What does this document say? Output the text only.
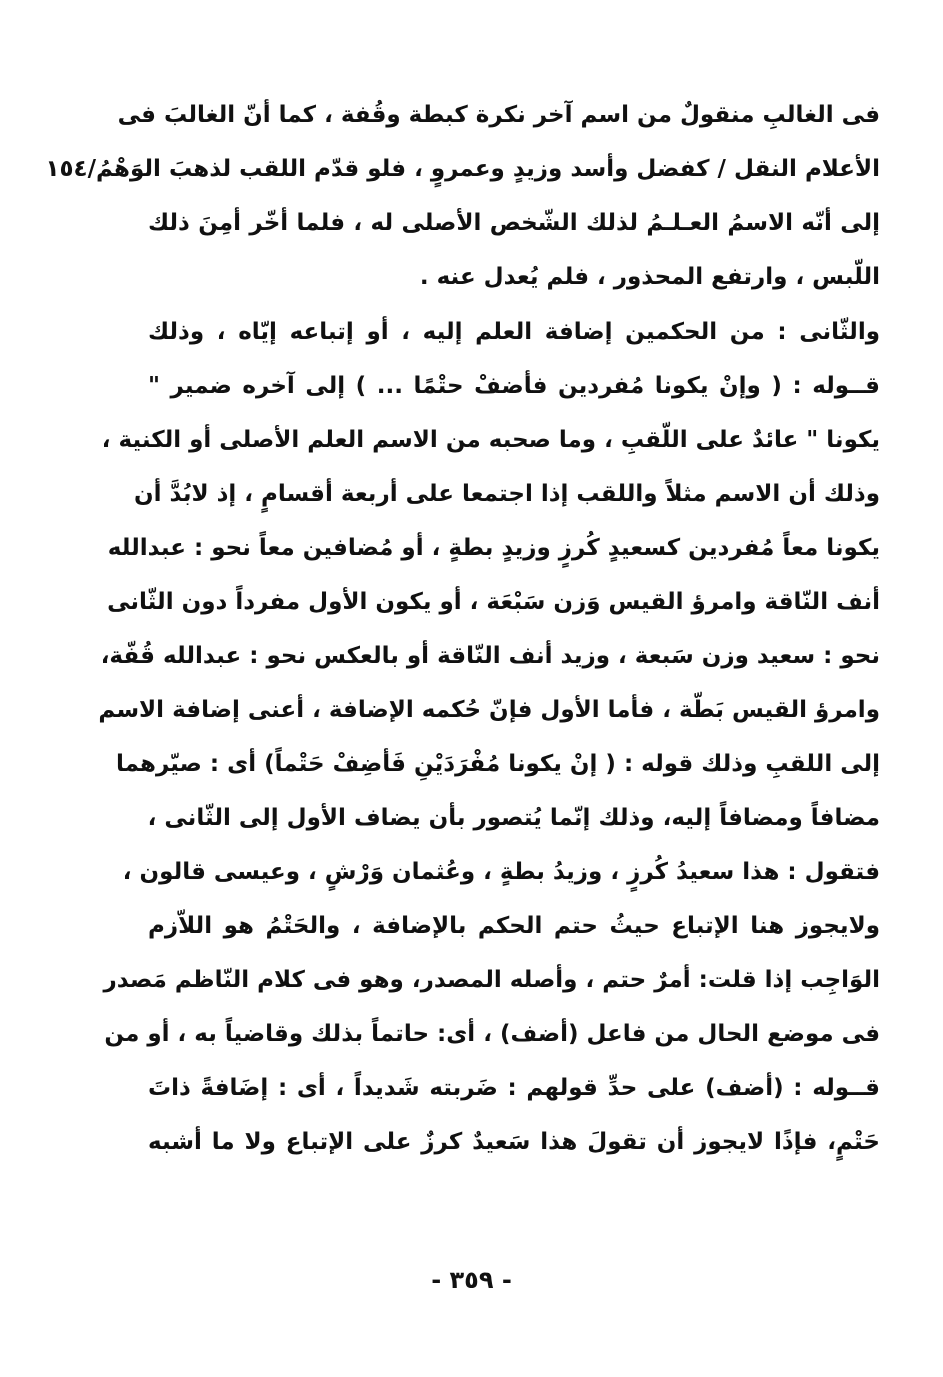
فى الغالبِ منقولٌ من اسم آخر نكرة كبطة وقُفة ، كما أنّ الغالبَ فى
الأعلام النقل / كفضل وأسد وزيدٍ وعمروٍ ، فلو قدّم اللقب لذهبَ الوَهْمُ/١٥٤
إلى أنّه الاسمُ العـلـمُ لذلك الشّخص الأصلى له ، فلما أخّر أمِنَ ذلك
اللّبس ، وارتفع المحذور ، فلم يُعدل عنه .
والثّانى : من الحكمين إضافة العلم إليه ، أو إتباعه إيّاه ، وذلك
قــوله : ( وإنْ يكونا مُفردين فأضفْ حتْمًا ... ) إلى آخره ضمير "
يكونا " عائدٌ على اللّقبِ ، وما صحبه من الاسم العلم الأصلى أو الكنية ،
وذلك أن الاسم مثلاً واللقب إذا اجتمعا على أربعة أقسامٍ ، إذ لابُدَّ أن
يكونا معاً مُفردين كسعيدٍ كُرزٍ وزيدٍ بطةٍ ، أو مُضافين معاً نحو : عبدالله
أنف النّاقة وامرؤ القيس وَزن سَبْعَة ، أو يكون الأول مفرداً دون الثّانى
نحو : سعيد وزن سَبعة ، وزيد أنف النّاقة أو بالعكس نحو : عبدالله قُفّة،
وامرؤ القيس بَطّة ، فأما الأول فإنّ حُكمه الإضافة ، أعنى إضافة الاسم
إلى اللقبِ وذلك قوله : ( إنْ يكونا مُفْرَدَيْنِ فَأضِفْ حَتْماً) أى : صيّرهما
مضافاً ومضافاً إليه، وذلك إنّما يُتصور بأن يضاف الأول إلى الثّانى ،
فتقول : هذا سعيدُ كُرزٍ ، وزيدُ بطةٍ ، وعُثمان وَرْشٍ ، وعيسى قالون ،
ولايجوز هنا الإتباع حيثُ حتم الحكم بالإضافة ، والحَتْمُ هو اللاّزم
الوَاجِب إذا قلت: أمرٌ حتم ، وأصله المصدر، وهو فى كلام النّاظم مَصدر
فى موضع الحال من فاعل (أضف) ، أى: حاتماً بذلك وقاضياً به ، أو من
قــوله : (أضف) على حدِّ قولهم : ضَربته شَديداً ، أى : إضَافةً ذاتَ
حَتْمٍ، فإذًا لايجوز أن تقولَ هذا سَعيدٌ كرزٌ على الإتباع ولا ما أشبه
- ٣٥٩ -
